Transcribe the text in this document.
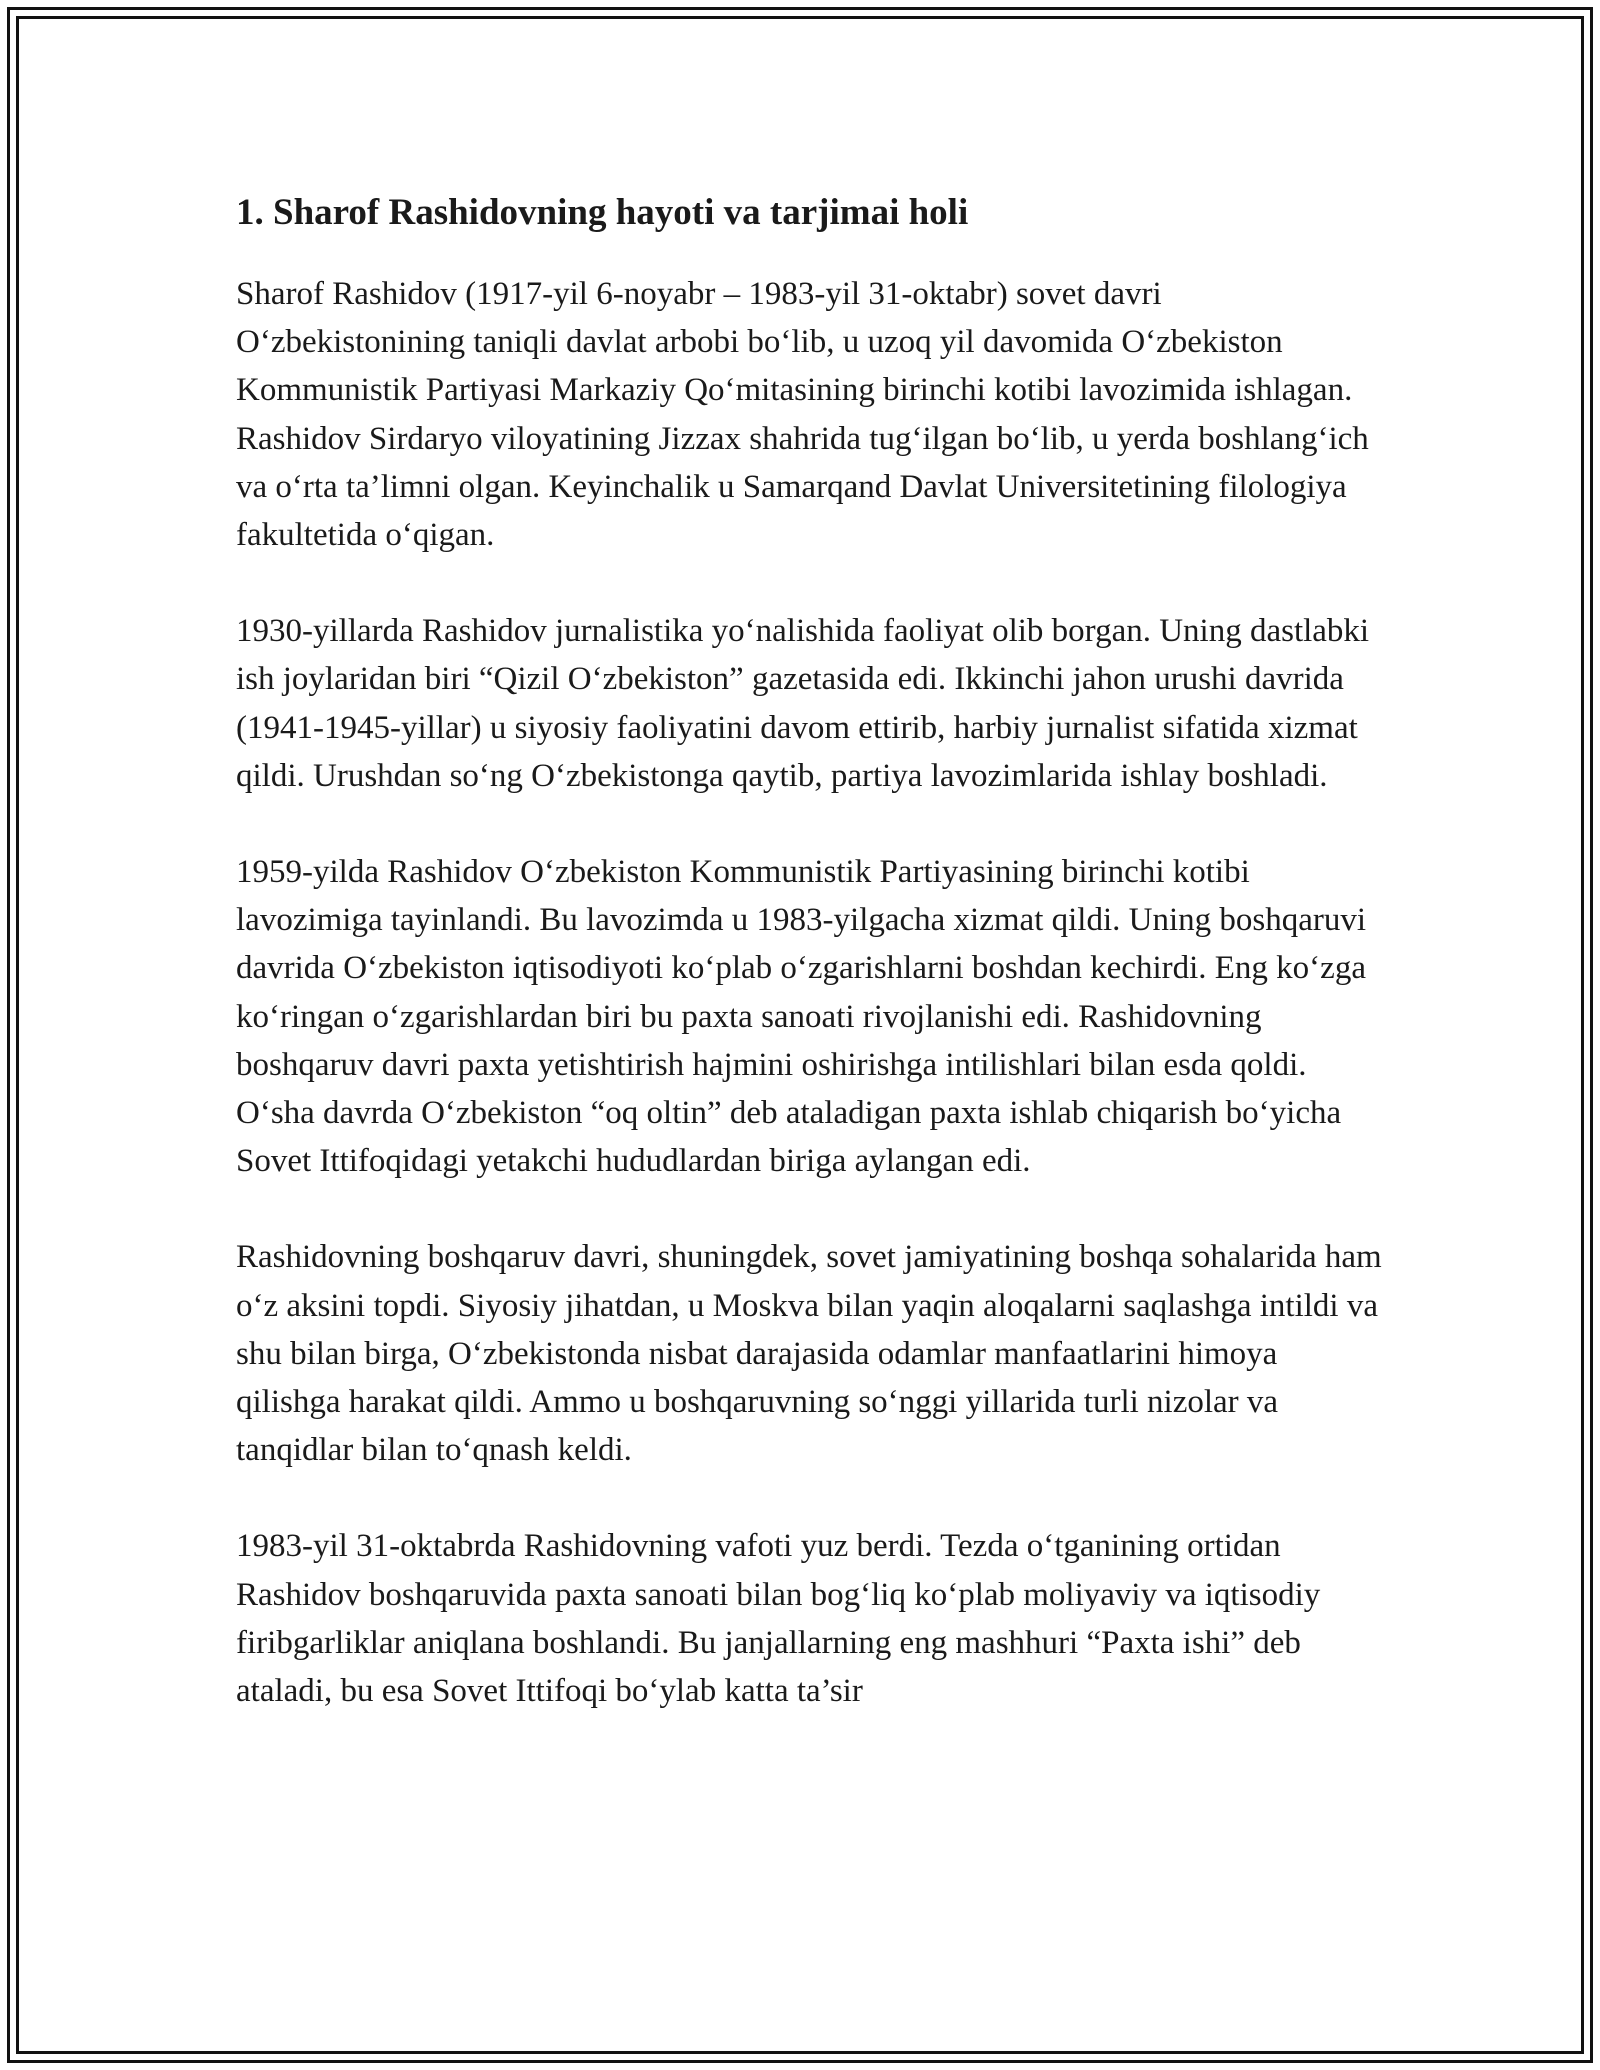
1. Sharof Rashidovning hayoti va tarjimai holi

Sharof Rashidov (1917-yil 6-noyabr – 1983-yil 31-oktabr) sovet davri O‘zbekistonining taniqli davlat arbobi bo‘lib, u uzoq yil davomida O‘zbekiston Kommunistik Partiyasi Markaziy Qo‘mitasining birinchi kotibi lavozimida ishlagan. Rashidov Sirdaryo viloyatining Jizzax shahrida tug‘ilgan bo‘lib, u yerda boshlang‘ich va o‘rta ta’limni olgan. Keyinchalik u Samarqand Davlat Universitetining filologiya fakultetida o‘qigan.

1930-yillarda Rashidov jurnalistika yo‘nalishida faoliyat olib borgan. Uning dastlabki ish joylaridan biri “Qizil O‘zbekiston” gazetasida edi. Ikkinchi jahon urushi davrida (1941-1945-yillar) u siyosiy faoliyatini davom ettirib, harbiy jurnalist sifatida xizmat qildi. Urushdan so‘ng O‘zbekistonga qaytib, partiya lavozimlarida ishlay boshladi.

1959-yilda Rashidov O‘zbekiston Kommunistik Partiyasining birinchi kotibi lavozimiga tayinlandi. Bu lavozimda u 1983-yilgacha xizmat qildi. Uning boshqaruvi davrida O‘zbekiston iqtisodiyoti ko‘plab o‘zgarishlarni boshdan kechirdi. Eng ko‘zga ko‘ringan o‘zgarishlardan biri bu paxta sanoati rivojlanishi edi. Rashidovning boshqaruv davri paxta yetishtirish hajmini oshirishga intilishlari bilan esda qoldi. O‘sha davrda O‘zbekiston “oq oltin” deb ataladigan paxta ishlab chiqarish bo‘yicha Sovet Ittifoqidagi yetakchi hududlardan biriga aylangan edi.

Rashidovning boshqaruv davri, shuningdek, sovet jamiyatining boshqa sohalarida ham o‘z aksini topdi. Siyosiy jihatdan, u Moskva bilan yaqin aloqalarni saqlashga intildi va shu bilan birga, O‘zbekistonda nisbat darajasida odamlar manfaatlarini himoya qilishga harakat qildi. Ammo u boshqaruvning so‘nggi yillarida turli nizolar va tanqidlar bilan to‘qnash keldi.

1983-yil 31-oktabrda Rashidovning vafoti yuz berdi. Tezda o‘tganining ortidan Rashidov boshqaruvida paxta sanoati bilan bog‘liq ko‘plab moliyaviy va iqtisodiy firibgarliklar aniqlana boshlandi. Bu janjallarning eng mashhuri “Paxta ishi” deb ataladi, bu esa Sovet Ittifoqi bo‘ylab katta ta’sir
